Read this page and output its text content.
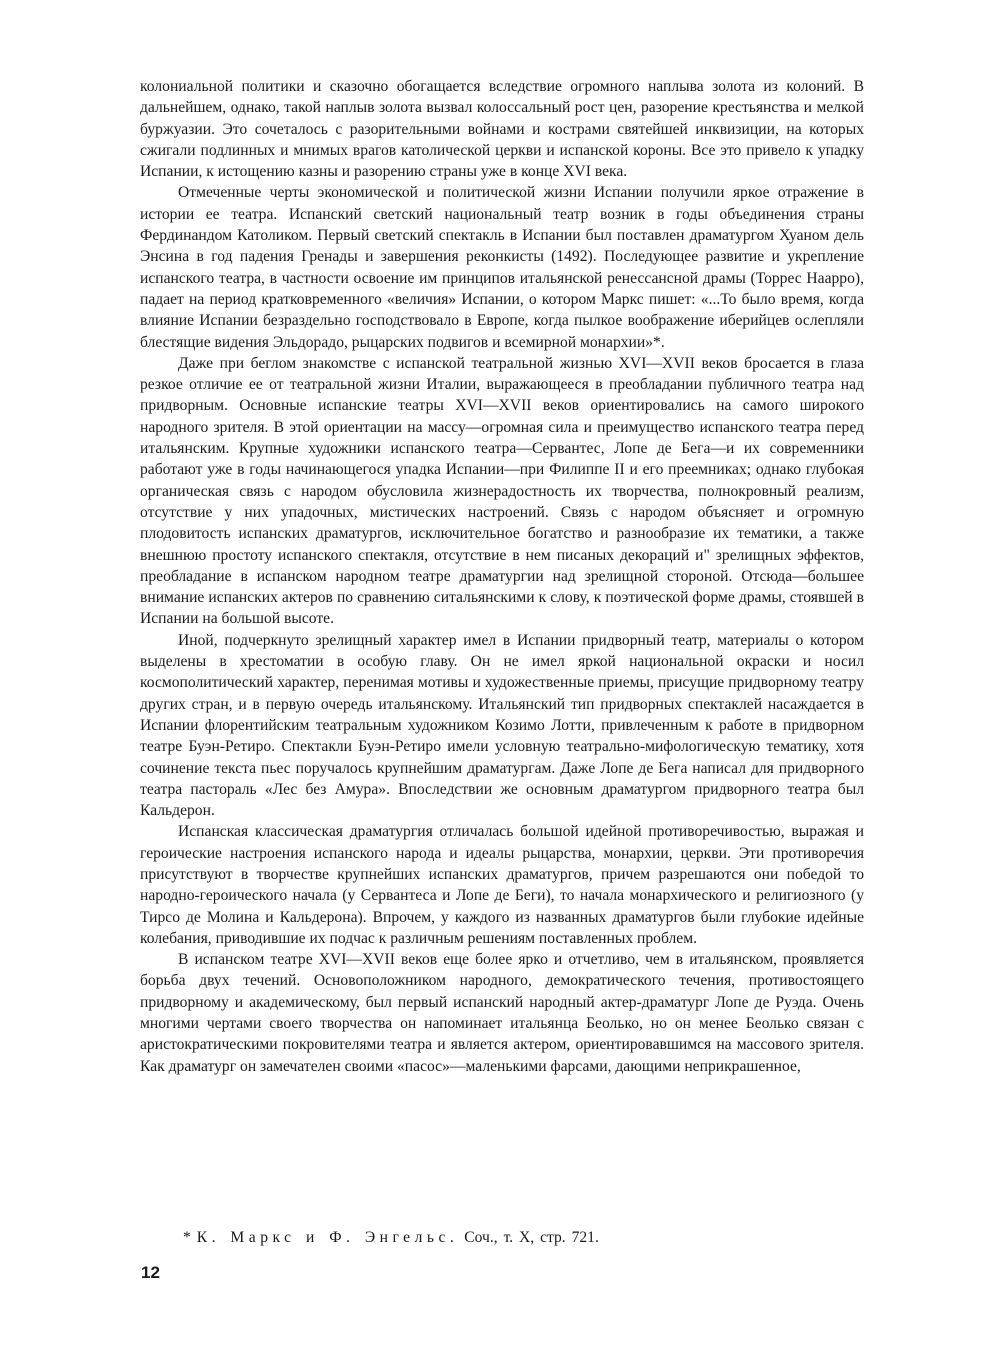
колониальной политики и сказочно обогащается вследствие огромного наплыва золота из колоний. В дальнейшем, однако, такой наплыв золота вызвал колоссальный рост цен, разорение крестьянства и мелкой буржуазии. Это сочеталось с разорительными войнами и кострами святейшей инквизиции, на которых сжигали подлинных и мнимых врагов католической церкви и испанской короны. Все это привело к упадку Испании, к истощению казны и разорению страны уже в конце XVI века.

Отмеченные черты экономической и политической жизни Испании получили яркое отражение в истории ее театра. Испанский светский национальный театр возник в годы объединения страны Фердинандом Католиком. Первый светский спектакль в Испании был поставлен драматургом Хуаном дель Энсина в год падения Гренады и завершения реконкисты (1492). Последующее развитие и укрепление испанского театра, в частности освоение им принципов итальянской ренессансной драмы (Торрес Наарро), падает на период кратковременного «величия» Испании, о котором Маркс пишет: «...То было время, когда влияние Испании безраздельно господствовало в Европе, когда пылкое воображение иберийцев ослепляли блестящие видения Эльдорадо, рыцарских подвигов и всемирной монархии»*.

Даже при беглом знакомстве с испанской театральной жизнью XVI—XVII веков бросается в глаза резкое отличие ее от театральной жизни Италии, выражающееся в преобладании публичного театра над придворным. Основные испанские театры XVI—XVII веков ориентировались на самого широкого народного зрителя. В этой ориентации на массу—огромная сила и преимущество испанского театра перед итальянским. Крупные художники испанского театра—Сервантес, Лопе де Бега—и их современники работают уже в годы начинающегося упадка Испании—при Филиппе II и его преемниках; однако глубокая органическая связь с народом обусловила жизнерадостность их творчества, полнокровный реализм, отсутствие у них упадочных, мистических настроений. Связь с народом объясняет и огромную плодовитость испанских драматургов, исключительное богатство и разнообразие их тематики, а также внешнюю простоту испанского спектакля, отсутствие в нем писаных декораций и" зрелищных эффектов, преобладание в испанском народном театре драматургии над зрелищной стороной. Отсюда—большее внимание испанских актеров по сравнению ситальянскими к слову, к поэтической форме драмы, стоявшей в Испании на большой высоте.

Иной, подчеркнуто зрелищный характер имел в Испании придворный театр, материалы о котором выделены в хрестоматии в особую главу. Он не имел яркой национальной окраски и носил космополитический характер, перенимая мотивы и художественные приемы, присущие придворному театру других стран, и в первую очередь итальянскому. Итальянский тип придворных спектаклей насаждается в Испании флорентийским театральным художником Козимо Лотти, привлеченным к работе в придворном театре Буэн-Ретиро. Спектакли Буэн-Ретиро имели условную театрально-мифологическую тематику, хотя сочинение текста пьес поручалось крупнейшим драматургам. Даже Лопе де Бега написал для придворного театра пастораль «Лес без Амура». Впоследствии же основным драматургом придворного театра был Кальдерон.

Испанская классическая драматургия отличалась большой идейной противоречивостью, выражая и героические настроения испанского народа и идеалы рыцарства, монархии, церкви. Эти противоречия присутствуют в творчестве крупнейших испанских драматургов, причем разрешаются они победой то народно-героического начала (у Сервантеса и Лопе де Беги), то начала монархического и религиозного (у Тирсо де Молина и Кальдерона). Впрочем, у каждого из названных драматургов были глубокие идейные колебания, приводившие их подчас к различным решениям поставленных проблем.

В испанском театре XVI—XVII веков еще более ярко и отчетливо, чем в итальянском, проявляется борьба двух течений. Основоположником народного, демократического течения, противостоящего придворному и академическому, был первый испанский народный актер-драматург Лопе де Руэда. Очень многими чертами своего творчества он напоминает итальянца Беолько, но он менее Беолько связан с аристократическими покровителями театра и является актером, ориентировавшимся на массового зрителя. Как драматург он замечателен своими «пасос»—маленькими фарсами, дающими неприкрашенное,

* К. Маркс и Ф. Энгельс. Соч., т. X, стр. 721.
12
